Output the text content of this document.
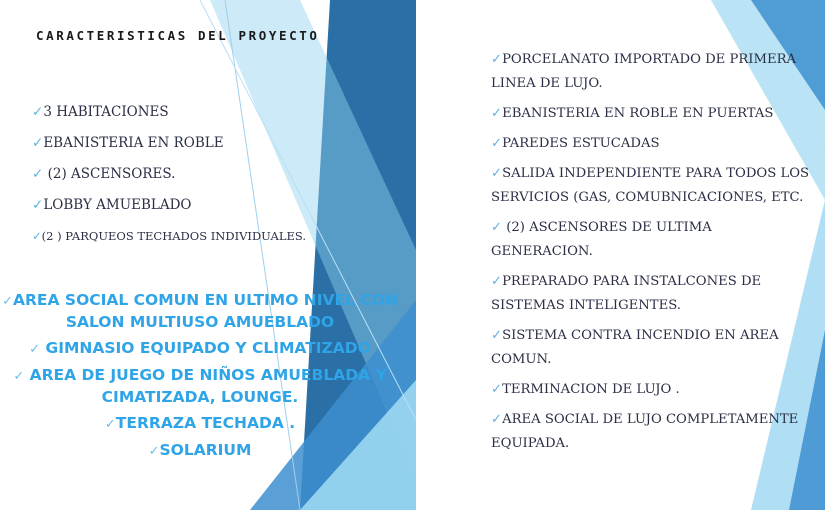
CARACTERISTICAS DEL PROYECTO
✓3 HABITACIONES
✓EBANISTERIA EN ROBLE
✓ (2) ASCENSORES.
✓LOBBY AMUEBLADO
✓(2 ) PARQUEOS TECHADOS INDIVIDUALES.
✓AREA SOCIAL COMUN EN ULTIMO NIVEL CON SALON MULTIUSO AMUEBLADO
✓ GIMNASIO EQUIPADO Y CLIMATIZADO
✓ AREA DE JUEGO DE NIÑOS AMUEBLADA Y CIMATIZADA, LOUNGE.
✓TERRAZA TECHADA .
✓SOLARIUM
✓PORCELANATO IMPORTADO DE PRIMERA LINEA DE LUJO.
✓EBANISTERIA EN ROBLE EN PUERTAS
✓PAREDES ESTUCADAS
✓SALIDA INDEPENDIENTE PARA TODOS LOS SERVICIOS (GAS, COMUBNICACIONES, ETC.
✓ (2) ASCENSORES DE ULTIMA GENERACION.
✓PREPARADO PARA INSTALCONES DE SISTEMAS INTELIGENTES.
✓SISTEMA CONTRA INCENDIO EN AREA COMUN.
✓TERMINACION DE LUJO .
✓AREA SOCIAL DE LUJO COMPLETAMENTE EQUIPADA.
